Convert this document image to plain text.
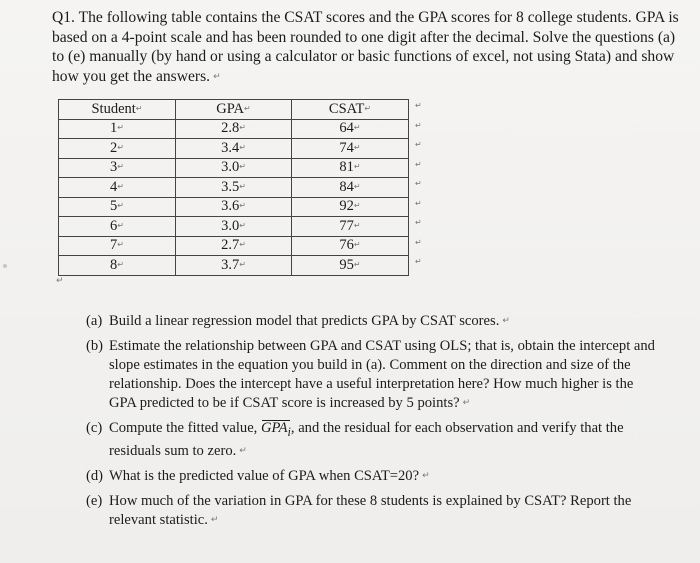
Q1. The following table contains the CSAT scores and the GPA scores for 8 college students. GPA is based on a 4-point scale and has been rounded to one digit after the decimal. Solve the questions (a) to (e) manually (by hand or using a calculator or basic functions of excel, not using Stata) and show how you get the answers. ↵

Student↵	GPA↵	CSAT↵
1↵	2.8↵	64↵
2↵	3.4↵	74↵
3↵	3.0↵	81↵
4↵	3.5↵	84↵
5↵	3.6↵	92↵
6↵	3.0↵	77↵
7↵	2.7↵	76↵
8↵	3.7↵	95↵
↵
↵
↵
↵
↵
↵
↵
↵
↵
↵
(a) Build a linear regression model that predicts GPA by CSAT scores. ↵
(b) Estimate the relationship between GPA and CSAT using OLS; that is, obtain the intercept and slope estimates in the equation you build in (a). Comment on the direction and size of the relationship. Does the intercept have a useful interpretation here? How much higher is the GPA predicted to be if CSAT score is increased by 5 points? ↵
(c) Compute the fitted value, $GPA_i$, and the residual for each observation and verify that the residuals sum to zero. ↵
(d) What is the predicted value of GPA when CSAT=20? ↵
(e) How much of the variation in GPA for these 8 students is explained by CSAT? Report the relevant statistic. ↵
